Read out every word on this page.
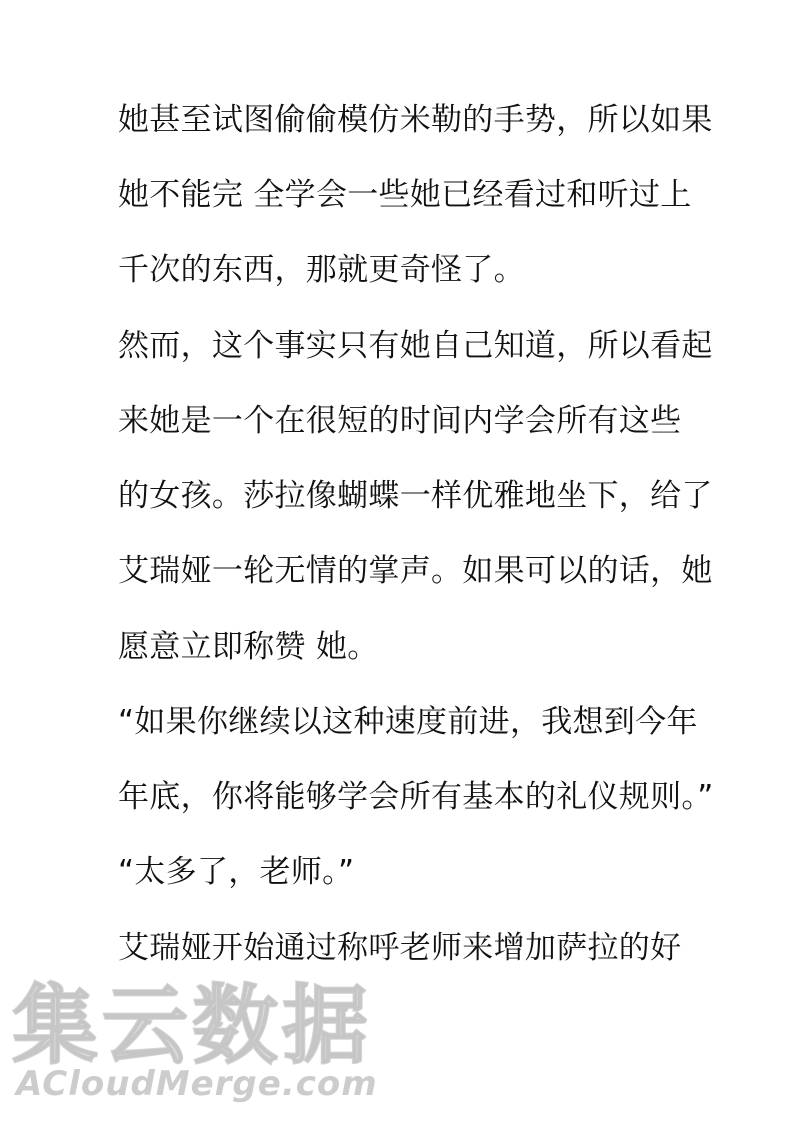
她甚至试图偷偷模仿米勒的手势，所以如果
她不能完 全学会一些她已经看过和听过上
千次的东西，那就更奇怪了。
然而，这个事实只有她自己知道，所以看起
来她是一个在很短的时间内学会所有这些
的女孩。莎拉像蝴蝶一样优雅地坐下，给了
艾瑞娅一轮无情的掌声。如果可以的话，她
愿意立即称赞 她。
“如果你继续以这种速度前进，我想到今年
年底，你将能够学会所有基本的礼仪规则。”
“太多了，老师。”
艾瑞娅开始通过称呼老师来增加萨拉的好
集云数据
ACloudMerge.com
